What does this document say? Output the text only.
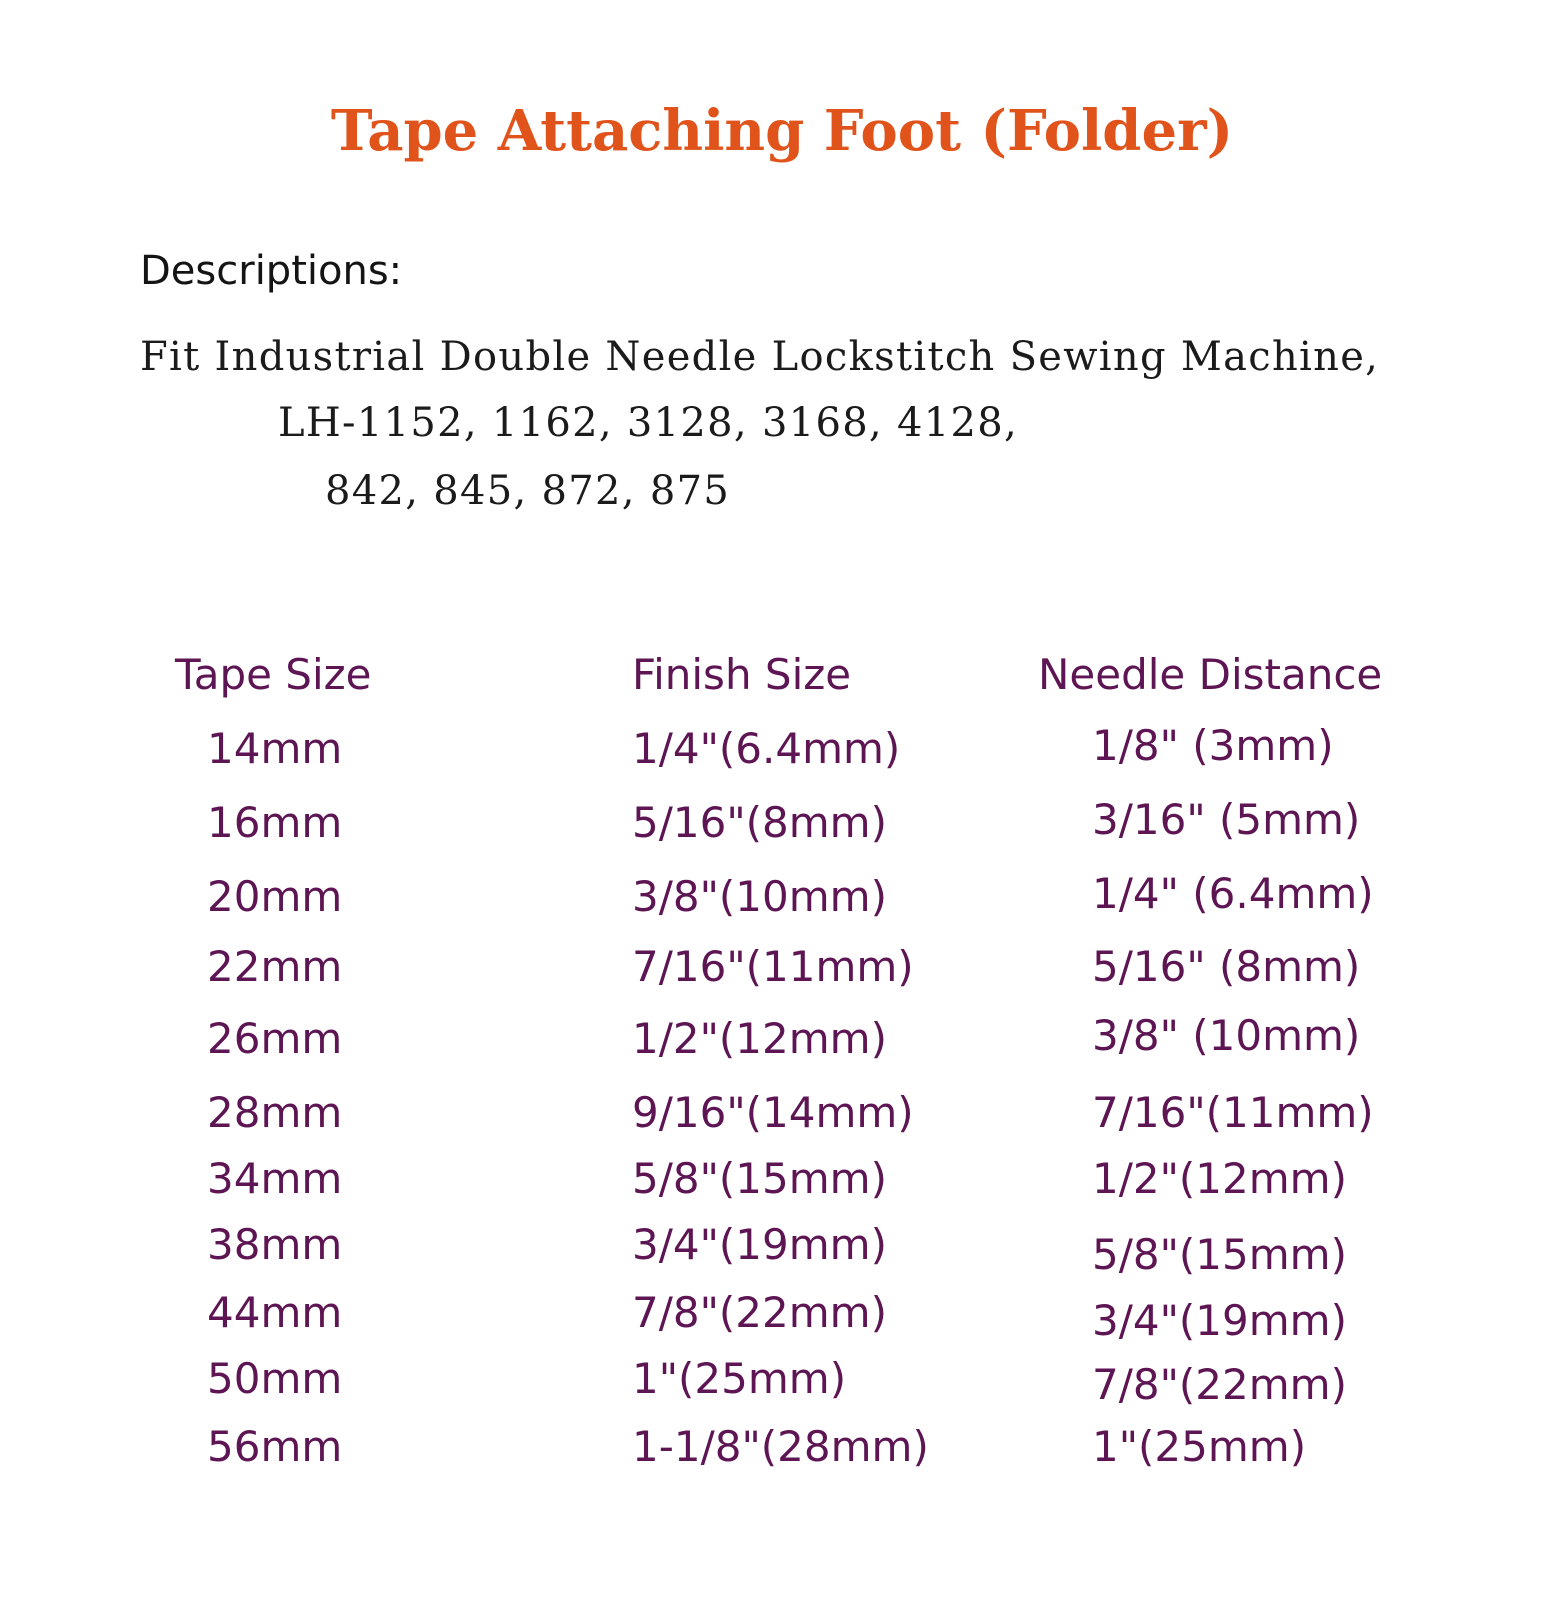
Tape Attaching Foot (Folder)

Descriptions:

Fit Industrial Double Needle Lockstitch Sewing Machine,

LH-1152, 1162, 3128, 3168, 4128,

842, 845, 872, 875

Tape Size	Finish Size	Needle Distance
14mm	1/4"(6.4mm)	1/8" (3mm)
16mm	5/16"(8mm)	3/16" (5mm)
20mm	3/8"(10mm)	1/4" (6.4mm)
22mm	7/16"(11mm)	5/16" (8mm)
26mm	1/2"(12mm)	3/8" (10mm)
28mm	9/16"(14mm)	7/16"(11mm)
34mm	5/8"(15mm)	1/2"(12mm)
38mm	3/4"(19mm)	5/8"(15mm)
44mm	7/8"(22mm)	3/4"(19mm)
50mm	1"(25mm)	7/8"(22mm)
56mm	1-1/8"(28mm)	1"(25mm)
